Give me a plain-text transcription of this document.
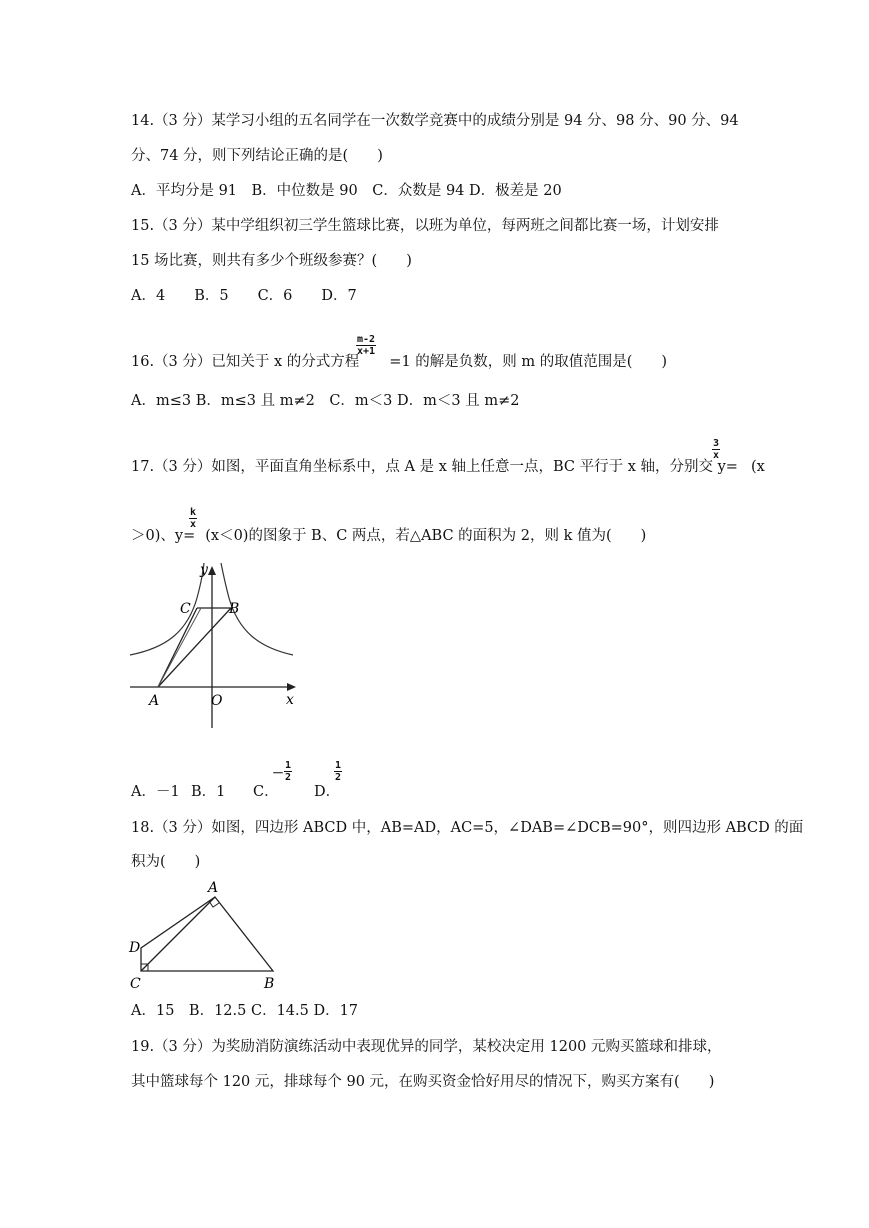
14.（3 分）某学习小组的五名同学在一次数学竞赛中的成绩分别是 94 分、98 分、90 分、94
分、74 分，则下列结论正确的是(　　)
A．平均分是 91　B．中位数是 90　C．众数是 94 D．极差是 20
15.（3 分）某中学组织初三学生篮球比赛，以班为单位，每两班之间都比赛一场，计划安排
15 场比赛，则共有多少个班级参赛？(　　)
A．4　　B．5　　C．6　　D．7
16.（3 分）已知关于 x 的分式方程 =1 的解是负数，则 m 的取值范围是(　　)
$\frac{m-2}{x+1}$
A．m≤3 B．m≤3 且 m≠2　C．m＜3 D．m＜3 且 m≠2
17.（3 分）如图，平面直角坐标系中，点 A 是 x 轴上任意一点，BC 平行于 x 轴，分别交 y= (x
$\frac{3}{x}$
＞0)、y= (x＜0)的图象于 B、C 两点，若△ABC 的面积为 2，则 k 值为(　　)
$\frac{k}{x}$
y
x
C	B
A	O
A．－1 B．1 C．
－ $\frac{1}{2}$
D．
$\frac{1}{2}$
18.（3 分）如图，四边形 ABCD 中，AB=AD，AC=5，∠DAB=∠DCB=90°，则四边形 ABCD 的面
积为(　　)
A
B
C
D
A．15　B．12.5 C．14.5 D．17
19.（3 分）为奖励消防演练活动中表现优异的同学，某校决定用 1200 元购买篮球和排球，
其中篮球每个 120 元，排球每个 90 元，在购买资金恰好用尽的情况下，购买方案有(　　)
